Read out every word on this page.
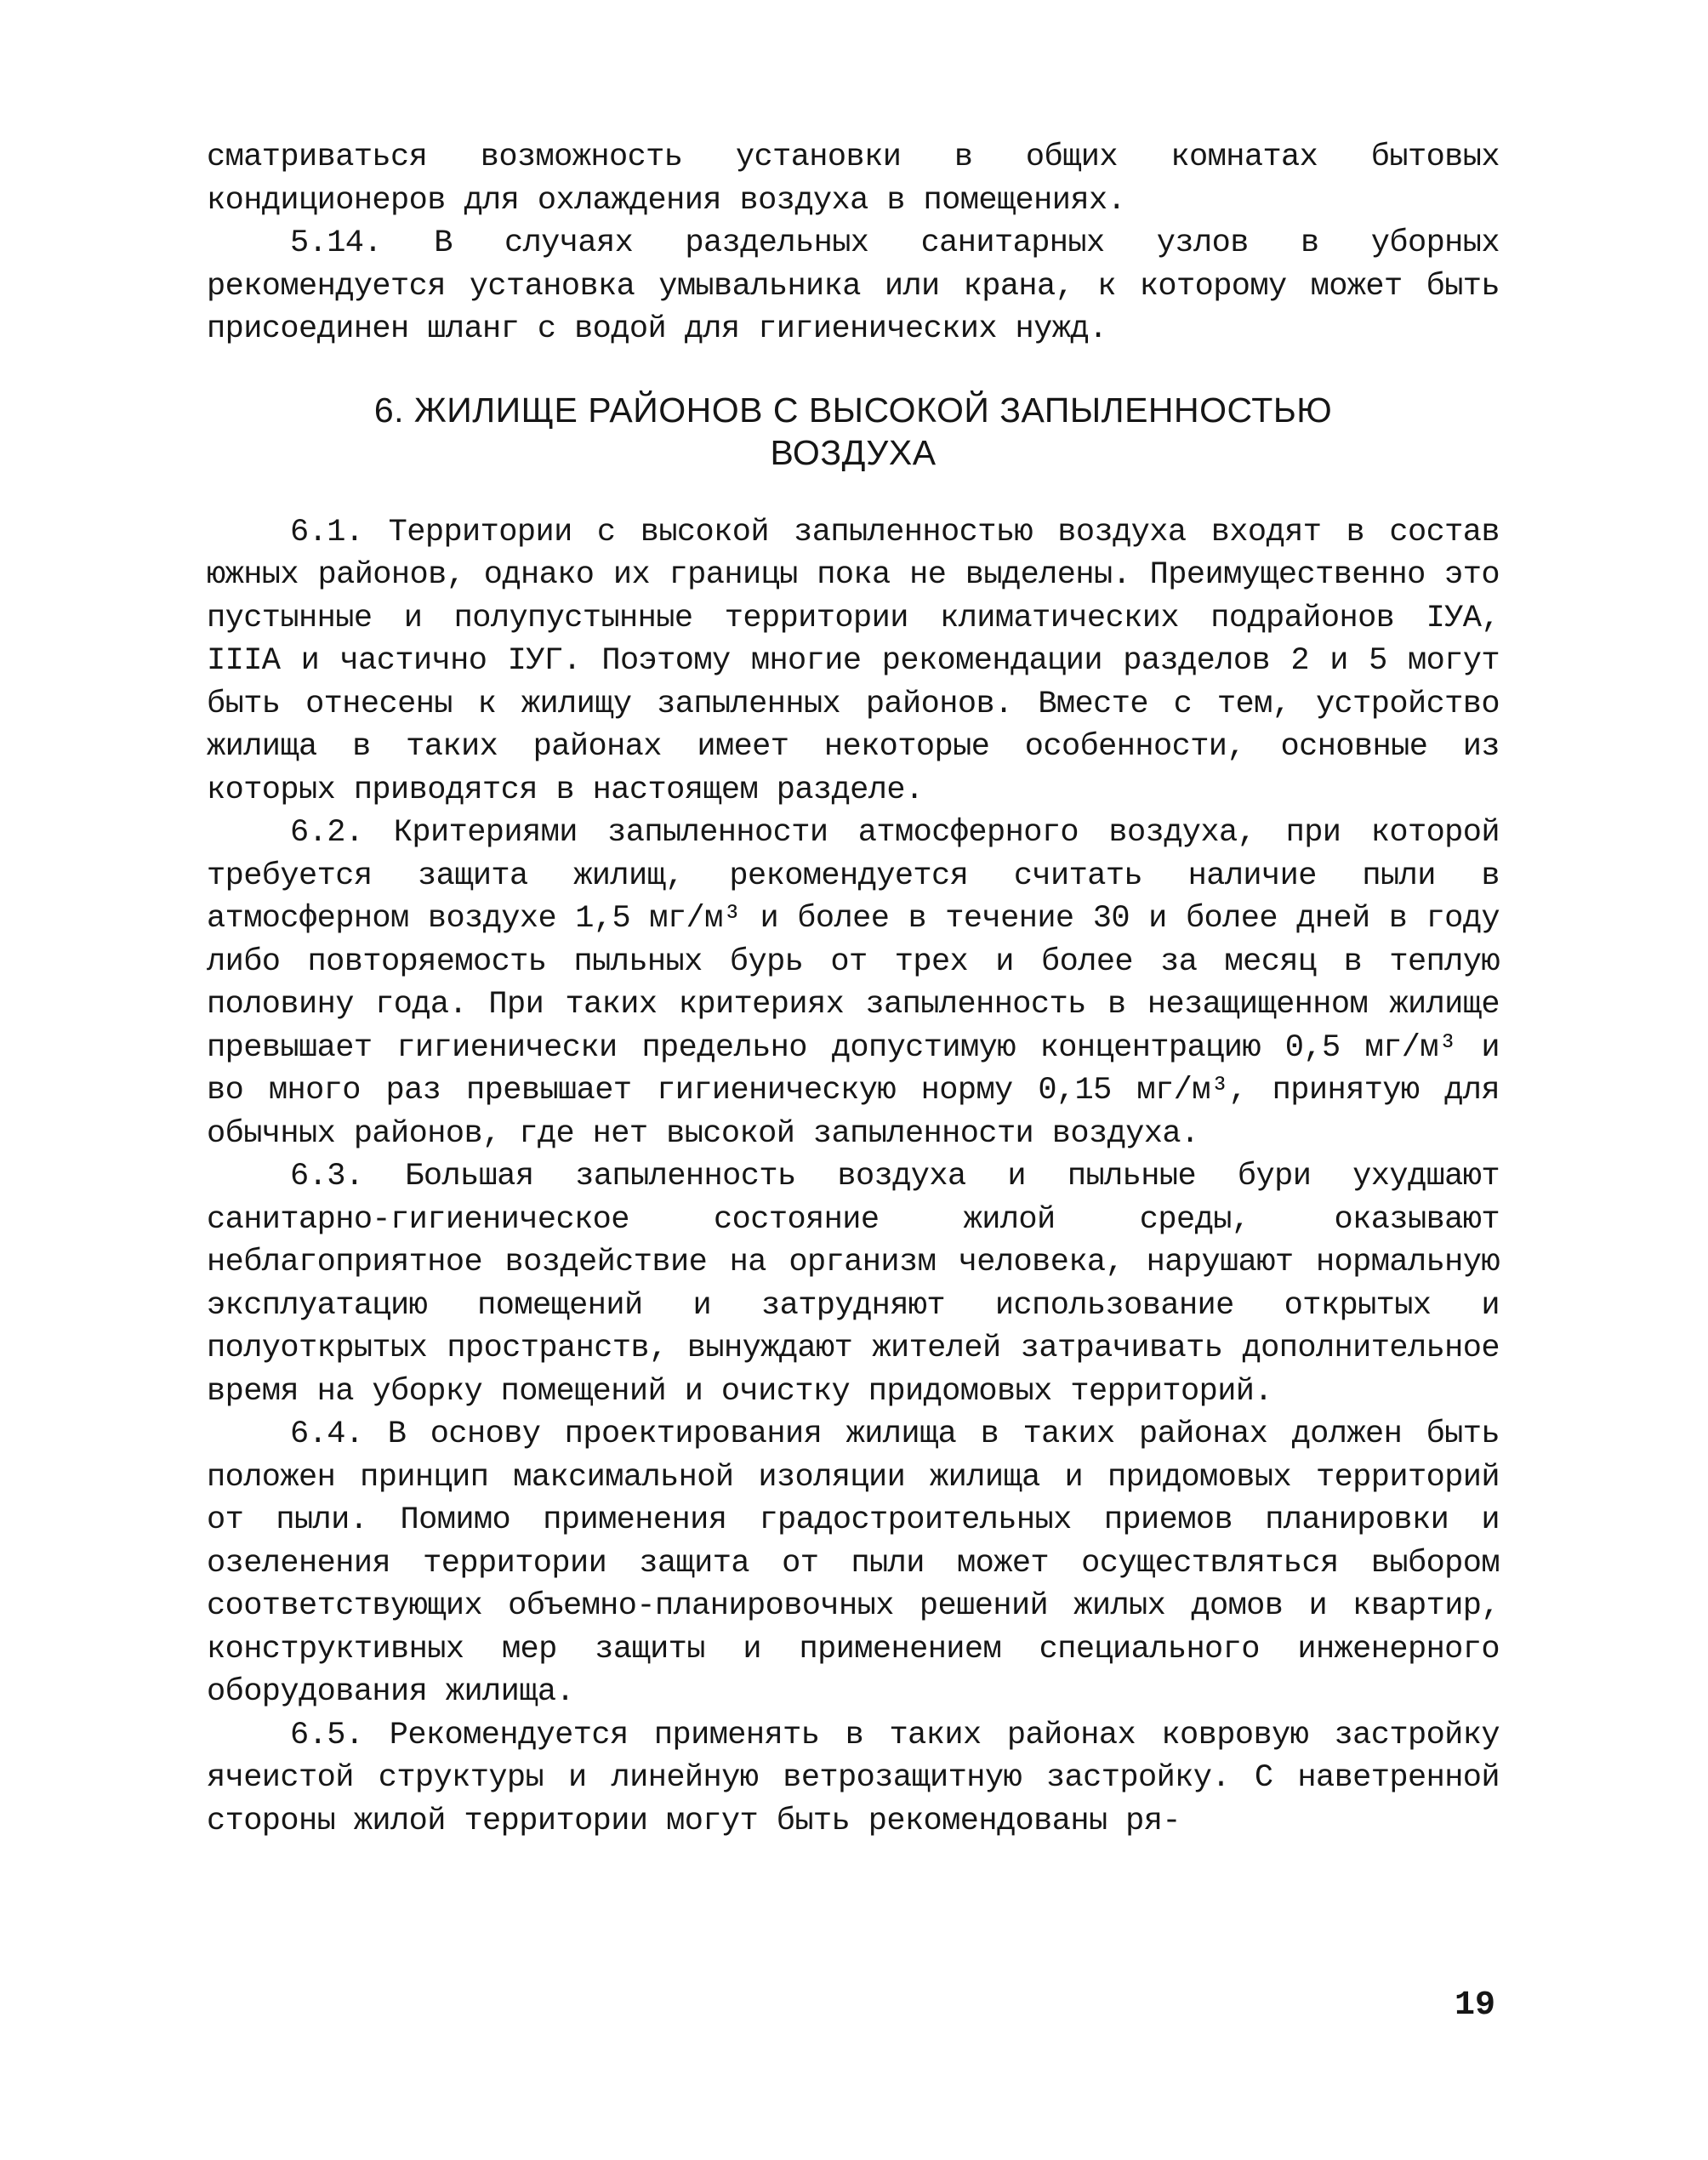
сматриваться возможность установки в общих комнатах бытовых кондиционеров для охлаждения воздуха в помещениях.

5.14. В случаях раздельных санитарных узлов в уборных рекомендуется установка умывальника или крана, к которому может быть присоединен шланг с водой для гигиенических нужд.

6. ЖИЛИЩЕ РАЙОНОВ С ВЫСОКОЙ ЗАПЫЛЕННОСТЬЮ
ВОЗДУХА

6.1. Территории с высокой запыленностью воздуха входят в состав южных районов, однако их границы пока не выделены. Преимущественно это пустынные и полупустынные территории климатических подрайонов IУА, IIIА и частично IУГ. Поэтому многие рекомендации разделов 2 и 5 могут быть отнесены к жилищу запыленных районов. Вместе с тем, устройство жилища в таких районах имеет некоторые особенности, основные из которых приводятся в настоящем разделе.

6.2. Критериями запыленности атмосферного воздуха, при которой требуется защита жилищ, рекомендуется считать наличие пыли в атмосферном воздухе 1,5 мг/м³ и более в течение 30 и более дней в году либо повторяемость пыльных бурь от трех и более за месяц в теплую половину года. При таких критериях запыленность в незащищенном жилище превышает гигиенически предельно допустимую концентрацию 0,5 мг/м³ и во много раз превышает гигиеническую норму 0,15 мг/м³, принятую для обычных районов, где нет высокой запыленности воздуха.

6.3. Большая запыленность воздуха и пыльные бури ухудшают санитарно-гигиеническое состояние жилой среды, оказывают неблагоприятное воздействие на организм человека, нарушают нормальную эксплуатацию помещений и затрудняют использование открытых и полуоткрытых пространств, вынуждают жителей затрачивать дополнительное время на уборку помещений и очистку придомовых территорий.

6.4. В основу проектирования жилища в таких районах должен быть положен принцип максимальной изоляции жилища и придомовых территорий от пыли. Помимо применения градостроительных приемов планировки и озеленения территории защита от пыли может осуществляться выбором соответствующих объемно-планировочных решений жилых домов и квартир, конструктивных мер защиты и применением специального инженерного оборудования жилища.

6.5. Рекомендуется применять в таких районах ковровую застройку ячеистой структуры и линейную ветрозащитную застройку. С наветренной стороны жилой территории могут быть рекомендованы ря-

19
